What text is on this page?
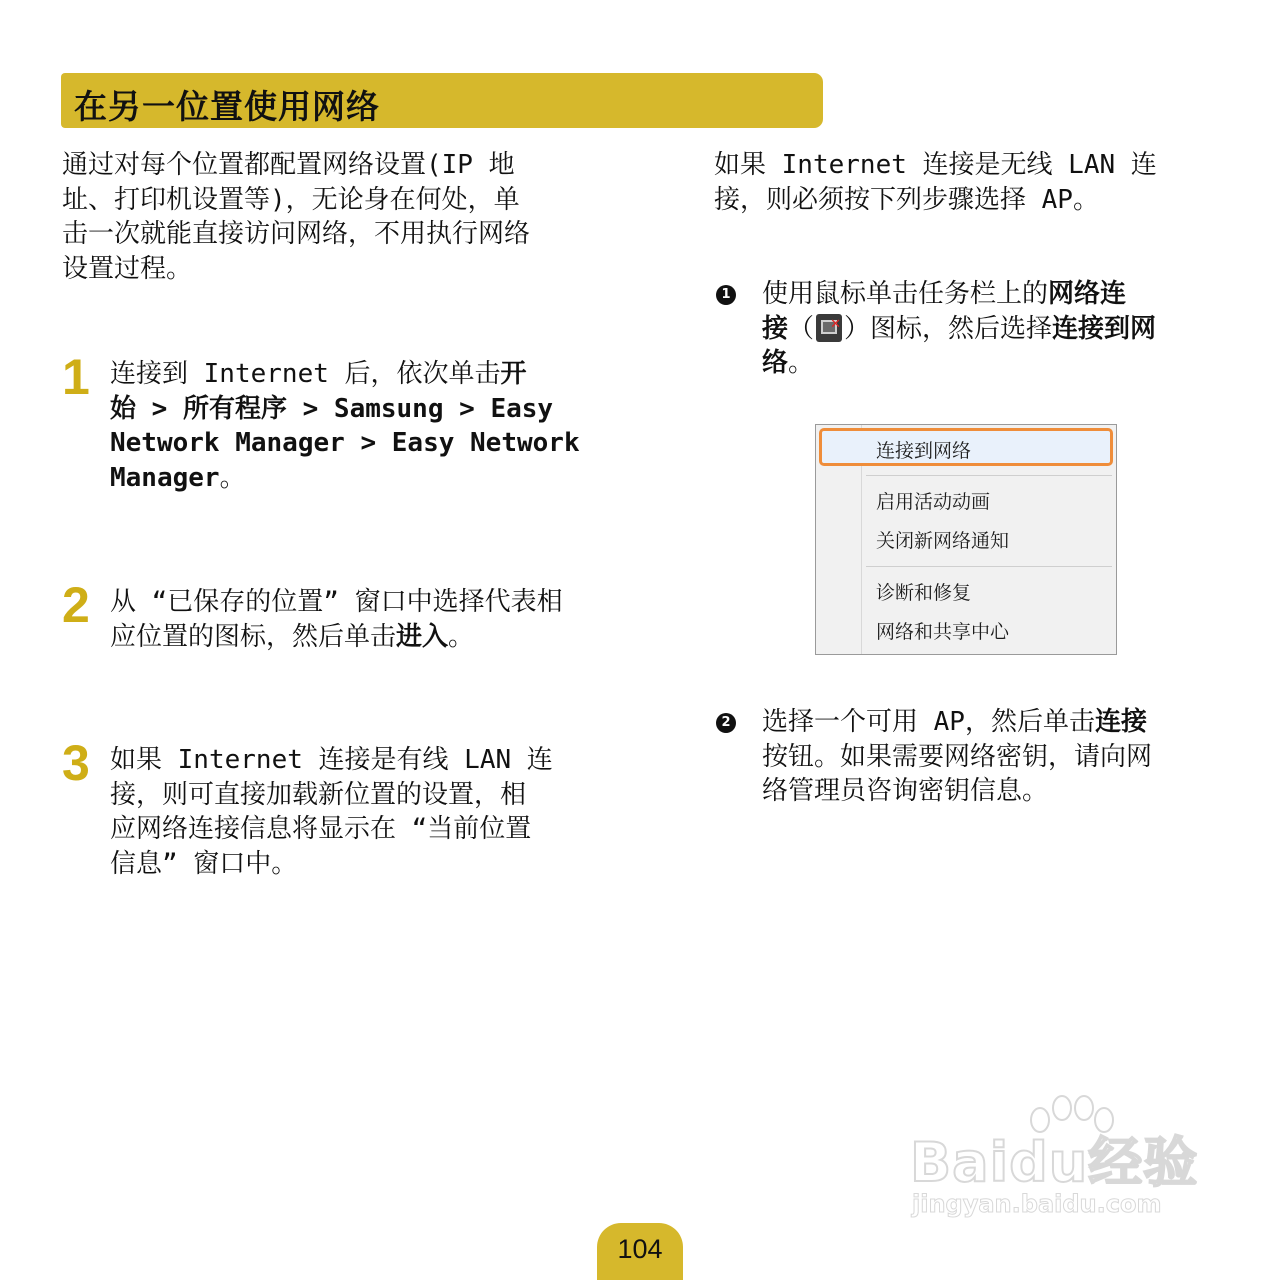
在另一位置使用网络
通过对每个位置都配置网络设置(IP 地
址、打印机设置等)，无论身在何处，单
击一次就能直接访问网络，不用执行网络
设置过程。
1 连接到 Internet 后，依次单击开
始 > 所有程序 > Samsung > Easy
Network Manager > Easy Network
Manager。
2 从 “已保存的位置” 窗口中选择代表相
应位置的图标，然后单击进入。
3 如果 Internet 连接是有线 LAN 连
接，则可直接加载新位置的设置，相
应网络连接信息将显示在 “当前位置
信息” 窗口中。
如果 Internet 连接是无线 LAN 连
接，则必须按下列步骤选择 AP。
1 使用鼠标单击任务栏上的网络连
接（✕ ）图标，然后选择连接到网
络。
连接到网络
启用活动动画
关闭新网络通知
诊断和修复
网络和共享中心
2 选择一个可用 AP，然后单击连接
按钮。如果需要网络密钥，请向网
络管理员咨询密钥信息。
Baidu经验
jingyan.baidu.com
104
